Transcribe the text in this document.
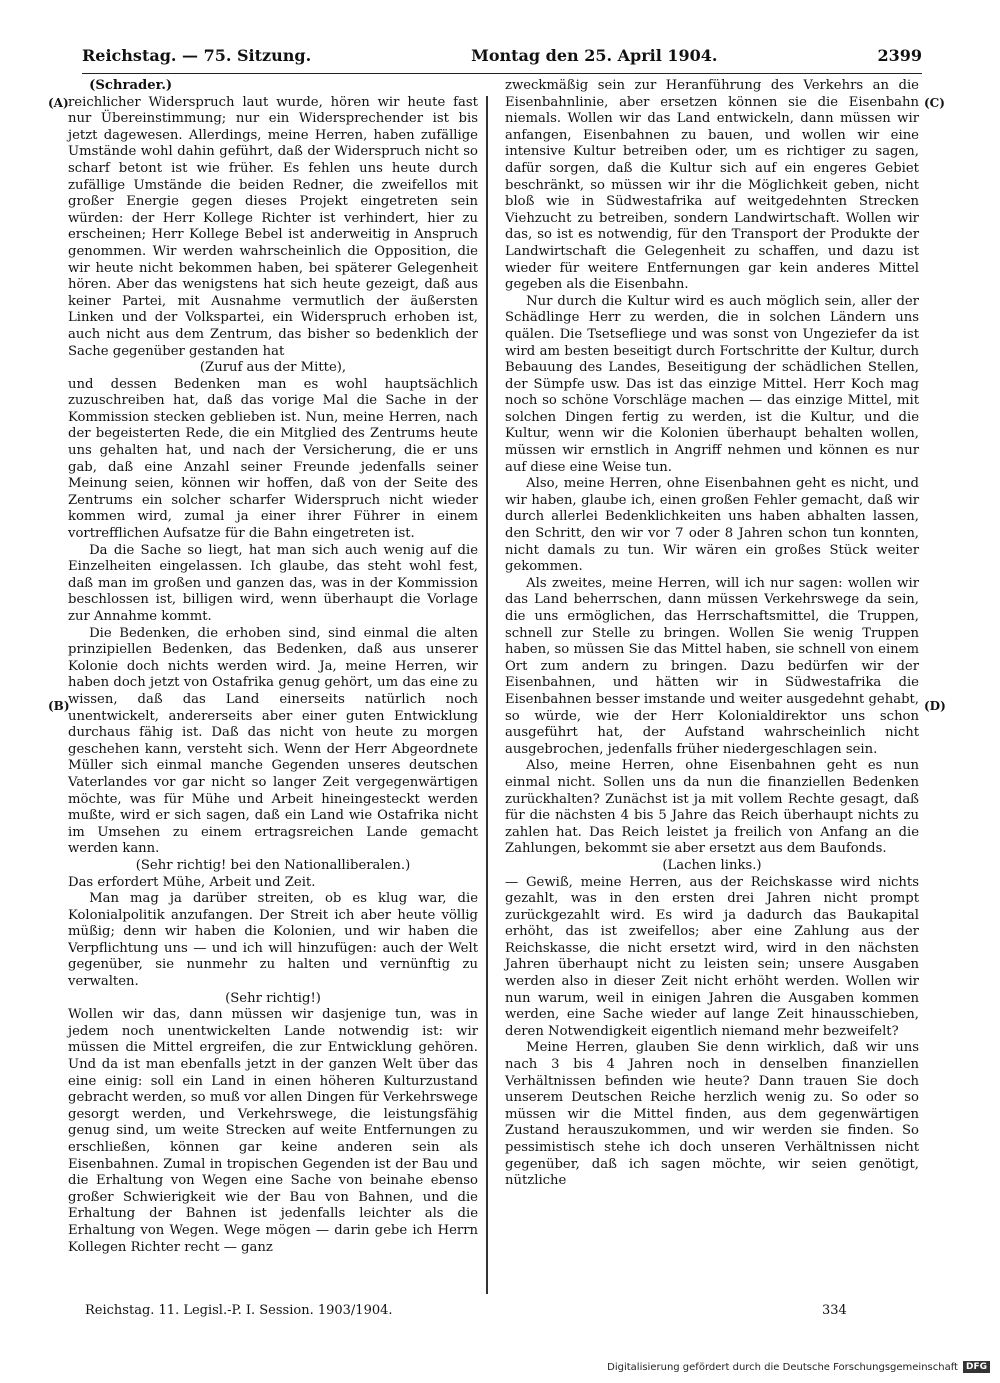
Reichstag. — 75. Sitzung.	Montag den 25. April 1904.	2399
(A)
(B)
(C)
(D)

(Schrader.)

reichlicher Widerspruch laut wurde, hören wir heute fast nur Übereinstimmung; nur ein Widersprechender ist bis jetzt dagewesen. Allerdings, meine Herren, haben zufällige Umstände wohl dahin geführt, daß der Widerspruch nicht so scharf betont ist wie früher. Es fehlen uns heute durch zufällige Umstände die beiden Redner, die zweifellos mit großer Energie gegen dieses Projekt eingetreten sein würden: der Herr Kollege Richter ist verhindert, hier zu erscheinen; Herr Kollege Bebel ist anderweitig in Anspruch genommen. Wir werden wahrscheinlich die Opposition, die wir heute nicht bekommen haben, bei späterer Gelegenheit hören. Aber das wenigstens hat sich heute gezeigt, daß aus keiner Partei, mit Ausnahme vermutlich der äußersten Linken und der Volkspartei, ein Widerspruch erhoben ist, auch nicht aus dem Zentrum, das bisher so bedenklich der Sache gegenüber gestanden hat

(Zuruf aus der Mitte),

und dessen Bedenken man es wohl hauptsächlich zuzuschreiben hat, daß das vorige Mal die Sache in der Kommission stecken geblieben ist. Nun, meine Herren, nach der begeisterten Rede, die ein Mitglied des Zentrums heute uns gehalten hat, und nach der Versicherung, die er uns gab, daß eine Anzahl seiner Freunde jedenfalls seiner Meinung seien, können wir hoffen, daß von der Seite des Zentrums ein solcher scharfer Widerspruch nicht wieder kommen wird, zumal ja einer ihrer Führer in einem vortrefflichen Aufsatze für die Bahn eingetreten ist.

Da die Sache so liegt, hat man sich auch wenig auf die Einzelheiten eingelassen. Ich glaube, das steht wohl fest, daß man im großen und ganzen das, was in der Kommission beschlossen ist, billigen wird, wenn überhaupt die Vorlage zur Annahme kommt.

Die Bedenken, die erhoben sind, sind einmal die alten prinzipiellen Bedenken, das Bedenken, daß aus unserer Kolonie doch nichts werden wird. Ja, meine Herren, wir haben doch jetzt von Ostafrika genug gehört, um das eine zu wissen, daß das Land einerseits natürlich noch unentwickelt, andererseits aber einer guten Entwicklung durchaus fähig ist. Daß das nicht von heute zu morgen geschehen kann, versteht sich. Wenn der Herr Abgeordnete Müller sich einmal manche Gegenden unseres deutschen Vaterlandes vor gar nicht so langer Zeit vergegenwärtigen möchte, was für Mühe und Arbeit hineingesteckt werden mußte, wird er sich sagen, daß ein Land wie Ostafrika nicht im Umsehen zu einem ertragsreichen Lande gemacht werden kann.

(Sehr richtig! bei den Nationalliberalen.)

Das erfordert Mühe, Arbeit und Zeit.

Man mag ja darüber streiten, ob es klug war, die Kolonialpolitik anzufangen. Der Streit ich aber heute völlig müßig; denn wir haben die Kolonien, und wir haben die Verpflichtung uns — und ich will hinzufügen: auch der Welt gegenüber, sie nunmehr zu halten und vernünftig zu verwalten.

(Sehr richtig!)

Wollen wir das, dann müssen wir dasjenige tun, was in jedem noch unentwickelten Lande notwendig ist: wir müssen die Mittel ergreifen, die zur Entwicklung gehören. Und da ist man ebenfalls jetzt in der ganzen Welt über das eine einig: soll ein Land in einen höheren Kulturzustand gebracht werden, so muß vor allen Dingen für Verkehrswege gesorgt werden, und Verkehrswege, die leistungsfähig genug sind, um weite Strecken auf weite Entfernungen zu erschließen, können gar keine anderen sein als Eisenbahnen. Zumal in tropischen Gegenden ist der Bau und die Erhaltung von Wegen eine Sache von beinahe ebenso großer Schwierigkeit wie der Bau von Bahnen, und die Erhaltung der Bahnen ist jedenfalls leichter als die Erhaltung von Wegen. Wege mögen — darin gebe ich Herrn Kollegen Richter recht — ganz

zweckmäßig sein zur Heranführung des Verkehrs an die Eisenbahnlinie, aber ersetzen können sie die Eisenbahn niemals. Wollen wir das Land entwickeln, dann müssen wir anfangen, Eisenbahnen zu bauen, und wollen wir eine intensive Kultur betreiben oder, um es richtiger zu sagen, dafür sorgen, daß die Kultur sich auf ein engeres Gebiet beschränkt, so müssen wir ihr die Möglichkeit geben, nicht bloß wie in Südwestafrika auf weitgedehnten Strecken Viehzucht zu betreiben, sondern Landwirtschaft. Wollen wir das, so ist es notwendig, für den Transport der Produkte der Landwirtschaft die Gelegenheit zu schaffen, und dazu ist wieder für weitere Entfernungen gar kein anderes Mittel gegeben als die Eisenbahn.

Nur durch die Kultur wird es auch möglich sein, aller der Schädlinge Herr zu werden, die in solchen Ländern uns quälen. Die Tsetsefliege und was sonst von Ungeziefer da ist wird am besten beseitigt durch Fortschritte der Kultur, durch Bebauung des Landes, Beseitigung der schädlichen Stellen, der Sümpfe usw. Das ist das einzige Mittel. Herr Koch mag noch so schöne Vorschläge machen — das einzige Mittel, mit solchen Dingen fertig zu werden, ist die Kultur, und die Kultur, wenn wir die Kolonien überhaupt behalten wollen, müssen wir ernstlich in Angriff nehmen und können es nur auf diese eine Weise tun.

Also, meine Herren, ohne Eisenbahnen geht es nicht, und wir haben, glaube ich, einen großen Fehler gemacht, daß wir durch allerlei Bedenklichkeiten uns haben abhalten lassen, den Schritt, den wir vor 7 oder 8 Jahren schon tun konnten, nicht damals zu tun. Wir wären ein großes Stück weiter gekommen.

Als zweites, meine Herren, will ich nur sagen: wollen wir das Land beherrschen, dann müssen Verkehrswege da sein, die uns ermöglichen, das Herrschaftsmittel, die Truppen, schnell zur Stelle zu bringen. Wollen Sie wenig Truppen haben, so müssen Sie das Mittel haben, sie schnell von einem Ort zum andern zu bringen. Dazu bedürfen wir der Eisenbahnen, und hätten wir in Südwestafrika die Eisenbahnen besser imstande und weiter ausgedehnt gehabt, so würde, wie der Herr Kolonialdirektor uns schon ausgeführt hat, der Aufstand wahrscheinlich nicht ausgebrochen, jedenfalls früher niedergeschlagen sein.

Also, meine Herren, ohne Eisenbahnen geht es nun einmal nicht. Sollen uns da nun die finanziellen Bedenken zurückhalten? Zunächst ist ja mit vollem Rechte gesagt, daß für die nächsten 4 bis 5 Jahre das Reich überhaupt nichts zu zahlen hat. Das Reich leistet ja freilich von Anfang an die Zahlungen, bekommt sie aber ersetzt aus dem Baufonds.

(Lachen links.)

— Gewiß, meine Herren, aus der Reichskasse wird nichts gezahlt, was in den ersten drei Jahren nicht prompt zurückgezahlt wird. Es wird ja dadurch das Baukapital erhöht, das ist zweifellos; aber eine Zahlung aus der Reichskasse, die nicht ersetzt wird, wird in den nächsten Jahren überhaupt nicht zu leisten sein; unsere Ausgaben werden also in dieser Zeit nicht erhöht werden. Wollen wir nun warum, weil in einigen Jahren die Ausgaben kommen werden, eine Sache wieder auf lange Zeit hinausschieben, deren Notwendigkeit eigentlich niemand mehr bezweifelt?

Meine Herren, glauben Sie denn wirklich, daß wir uns nach 3 bis 4 Jahren noch in denselben finanziellen Verhältnissen befinden wie heute? Dann trauen Sie doch unserem Deutschen Reiche herzlich wenig zu. So oder so müssen wir die Mittel finden, aus dem gegenwärtigen Zustand herauszukommen, und wir werden sie finden. So pessimistisch stehe ich doch unseren Verhältnissen nicht gegenüber, daß ich sagen möchte, wir seien genötigt, nützliche

Reichstag. 11. Legisl.-P. I. Session. 1903/1904.	334
Digitalisierung gefördert durch die Deutsche Forschungsgemeinschaft DFG
